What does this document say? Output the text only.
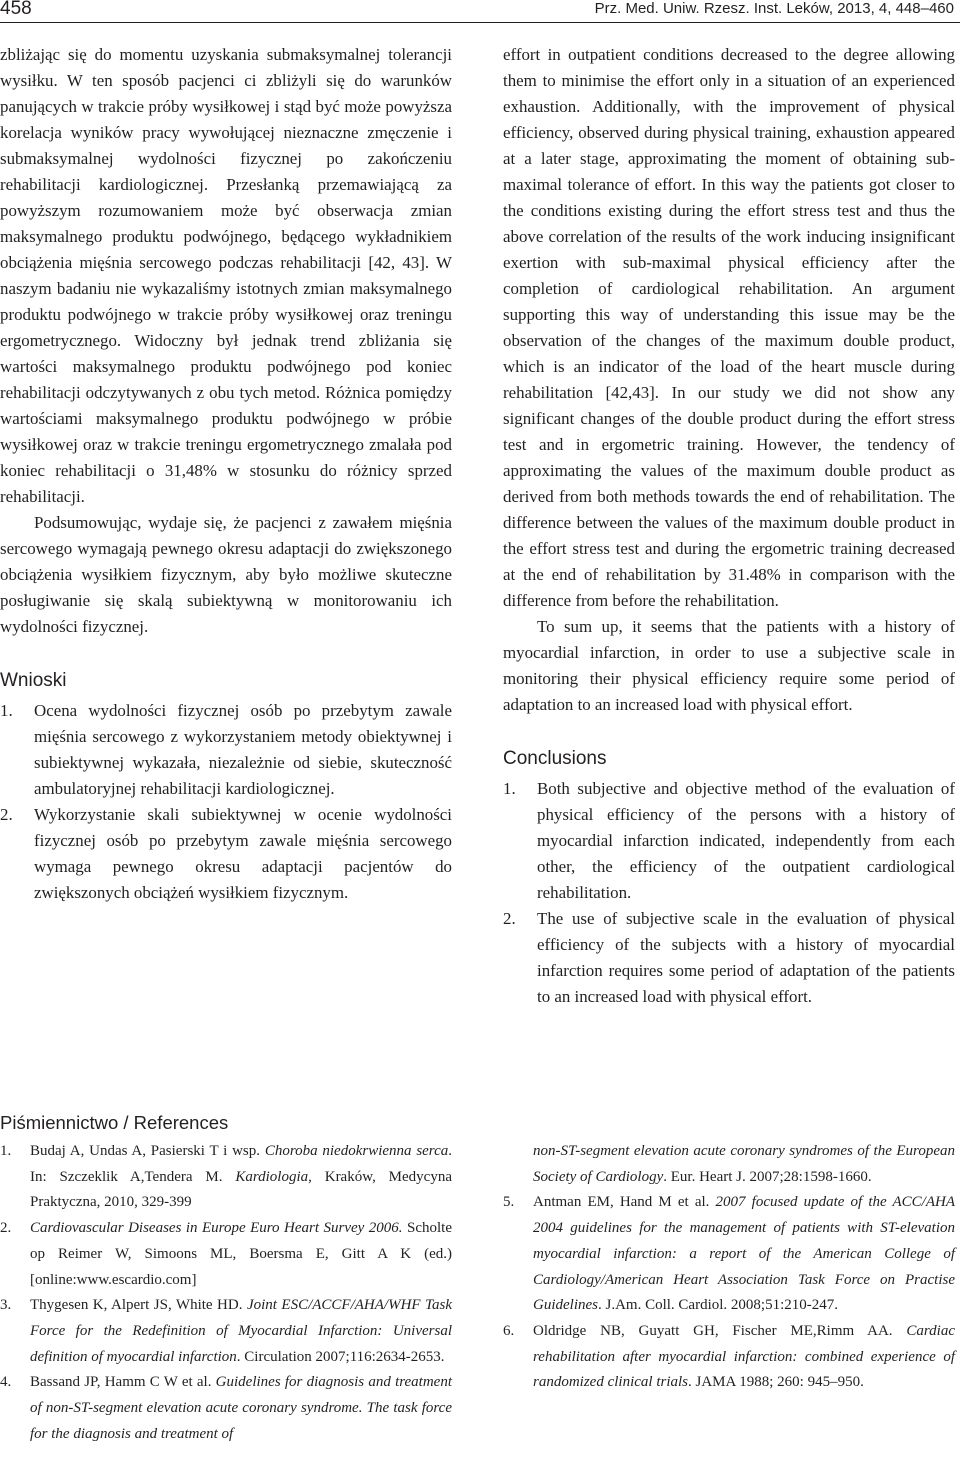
458	Prz. Med. Uniw. Rzesz. Inst. Leków, 2013, 4, 448–460

zbliżając się do momentu uzyskania submaksymalnej tolerancji wysiłku. W ten sposób pacjenci ci zbliżyli się do warunków panujących w trakcie próby wysiłkowej i stąd być może powyższa korelacja wyników pracy wywołującej nieznaczne zmęczenie i submaksymalnej wydolności fizycznej po zakończeniu rehabilitacji kardiologicznej. Przesłanką przemawiającą za powyższym rozumowaniem może być obserwacja zmian maksymalnego produktu podwójnego, będącego wykładnikiem obciążenia mięśnia sercowego podczas rehabilitacji [42, 43]. W naszym badaniu nie wykazaliśmy istotnych zmian maksymalnego produktu podwójnego w trakcie próby wysiłkowej oraz treningu ergometrycznego. Widoczny był jednak trend zbliżania się wartości maksymalnego produktu podwójnego pod koniec rehabilitacji odczytywanych z obu tych metod. Różnica pomiędzy wartościami maksymalnego produktu podwójnego w próbie wysiłkowej oraz w trakcie treningu ergometrycznego zmalała pod koniec rehabilitacji o 31,48% w stosunku do różnicy sprzed rehabilitacji.

Podsumowując, wydaje się, że pacjenci z zawałem mięśnia sercowego wymagają pewnego okresu adaptacji do zwiększonego obciążenia wysiłkiem fizycznym, aby było możliwe skuteczne posługiwanie się skalą subiektywną w monitorowaniu ich wydolności fizycznej.

Wnioski
1. Ocena wydolności fizycznej osób po przebytym zawale mięśnia sercowego z wykorzystaniem metody obiektywnej i subiektywnej wykazała, niezależnie od siebie, skuteczność ambulatoryjnej rehabilitacji kardiologicznej.
2. Wykorzystanie skali subiektywnej w ocenie wydolności fizycznej osób po przebytym zawale mięśnia sercowego wymaga pewnego okresu adaptacji pacjentów do zwiększonych obciążeń wysiłkiem fizycznym.

effort in outpatient conditions decreased to the degree allowing them to minimise the effort only in a situation of an experienced exhaustion. Additionally, with the improvement of physical efficiency, observed during physical training, exhaustion appeared at a later stage, approximating the moment of obtaining sub-maximal tolerance of effort. In this way the patients got closer to the conditions existing during the effort stress test and thus the above correlation of the results of the work inducing insignificant exertion with sub-maximal physical efficiency after the completion of cardiological rehabilitation. An argument supporting this way of understanding this issue may be the observation of the changes of the maximum double product, which is an indicator of the load of the heart muscle during rehabilitation [42,43]. In our study we did not show any significant changes of the double product during the effort stress test and in ergometric training. However, the tendency of approximating the values of the maximum double product as derived from both methods towards the end of rehabilitation. The difference between the values of the maximum double product in the effort stress test and during the ergometric training decreased at the end of rehabilitation by 31.48% in comparison with the difference from before the rehabilitation.

To sum up, it seems that the patients with a history of myocardial infarction, in order to use a subjective scale in monitoring their physical efficiency require some period of adaptation to an increased load with physical effort.

Conclusions
1. Both subjective and objective method of the evaluation of physical efficiency of the persons with a history of myocardial infarction indicated, independently from each other, the efficiency of the outpatient cardiological rehabilitation.
2. The use of subjective scale in the evaluation of physical efficiency of the subjects with a history of myocardial infarction requires some period of adaptation of the patients to an increased load with physical effort.
Piśmiennictwo / References

1. Budaj A, Undas A, Pasierski T i wsp. Choroba niedokrwienna serca. In: Szczeklik A,Tendera M. Kardiologia, Kraków, Medycyna Praktyczna, 2010, 329-399

2. Cardiovascular Diseases in Europe Euro Heart Survey 2006. Scholte op Reimer W, Simoons ML, Boersma E, Gitt A K (ed.) [online:www.escardio.com]

3. Thygesen K, Alpert JS, White HD. Joint ESC/ACCF/AHA/WHF Task Force for the Redefinition of Myocardial Infarction: Universal definition of myocardial infarction. Circulation 2007;116:2634-2653.

4. Bassand JP, Hamm C W et al. Guidelines for diagnosis and treatment of non-ST-segment elevation acute coronary syndrome. The task force for the diagnosis and treatment of

non-ST-segment elevation acute coronary syndromes of the European Society of Cardiology. Eur. Heart J. 2007;28:1598-1660.

5. Antman EM, Hand M et al. 2007 focused update of the ACC/AHA 2004 guidelines for the management of patients with ST-elevation myocardial infarction: a report of the American College of Cardiology/American Heart Association Task Force on Practise Guidelines. J.Am. Coll. Cardiol. 2008;51:210-247.

6. Oldridge NB, Guyatt GH, Fischer ME,Rimm AA. Cardiac rehabilitation after myocardial infarction: combined experience of randomized clinical trials. JAMA 1988; 260: 945–950.
